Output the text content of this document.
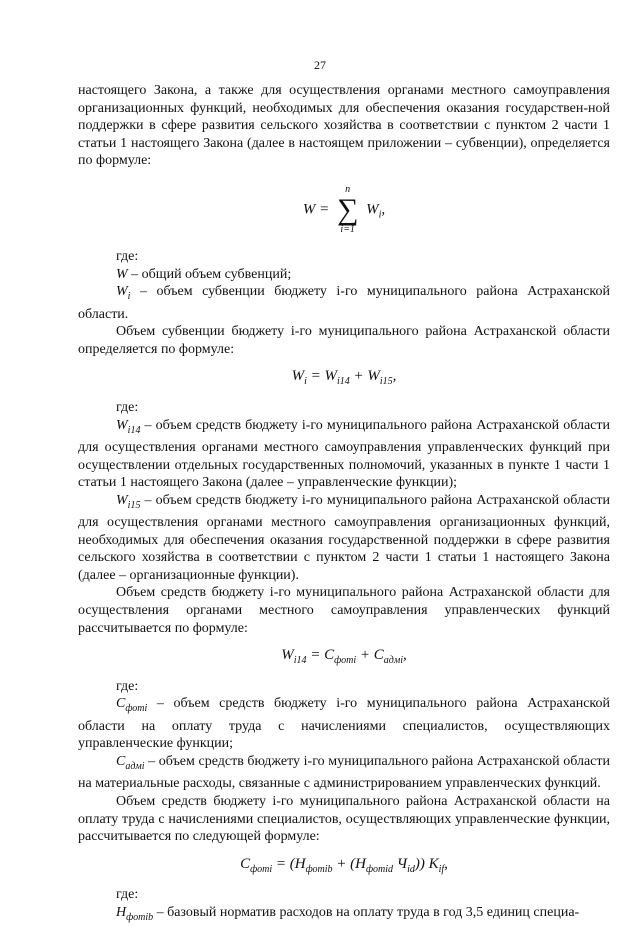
27

настоящего Закона, а также для осуществления органами местного самоуправления организационных функций, необходимых для обеспечения оказания государствен-ной поддержки в сфере развития сельского хозяйства в соответствии с пунктом 2 части 1 статьи 1 настоящего Закона (далее в настоящем приложении – субвенции), определяется по формуле:

W =
n
∑
i=1
$W_i$,

где:

W – общий объем субвенций;

$W_i$ – объем субвенции бюджету i-го муниципального района Астраханской области.

Объем субвенции бюджету i-го муниципального района Астраханской области определяется по формуле:

$W_i = W_{i14} + W_{i15}$,

где:

$W_{i14}$ – объем средств бюджету i-го муниципального района Астраханской области для осуществления органами местного самоуправления управленческих функций при осуществлении отдельных государственных полномочий, указанных в пункте 1 части 1 статьи 1 настоящего Закона (далее – управленческие функции);

$W_{i15}$ – объем средств бюджету i-го муниципального района Астраханской области для осуществления органами местного самоуправления организационных функций, необходимых для обеспечения оказания государственной поддержки в сфере развития сельского хозяйства в соответствии с пунктом 2 части 1 статьи 1 настоящего Закона (далее – организационные функции).

Объем средств бюджету i-го муниципального района Астраханской области для осуществления органами местного самоуправления управленческих функций рассчитывается по формуле:

$W_{i14} = C_{фотi} + C_{адмi}$,

где:

$C_{фотi}$ – объем средств бюджету i-го муниципального района Астраханской области на оплату труда с начислениями специалистов, осуществляющих управленческие функции;

$C_{адмi}$ – объем средств бюджету i-го муниципального района Астраханской области на материальные расходы, связанные с администрированием управленческих функций.

Объем средств бюджету i-го муниципального района Астраханской области на оплату труда с начислениями специалистов, осуществляющих управленческие функции, рассчитывается по следующей формуле:

$C_{фотi} = (Н_{фотib} + (Н_{фотid}$ $Ч_{id}$)) $К_{if}$,

где:

$Н_{фотib}$ – базовый норматив расходов на оплату труда в год 3,5 единиц специа-
